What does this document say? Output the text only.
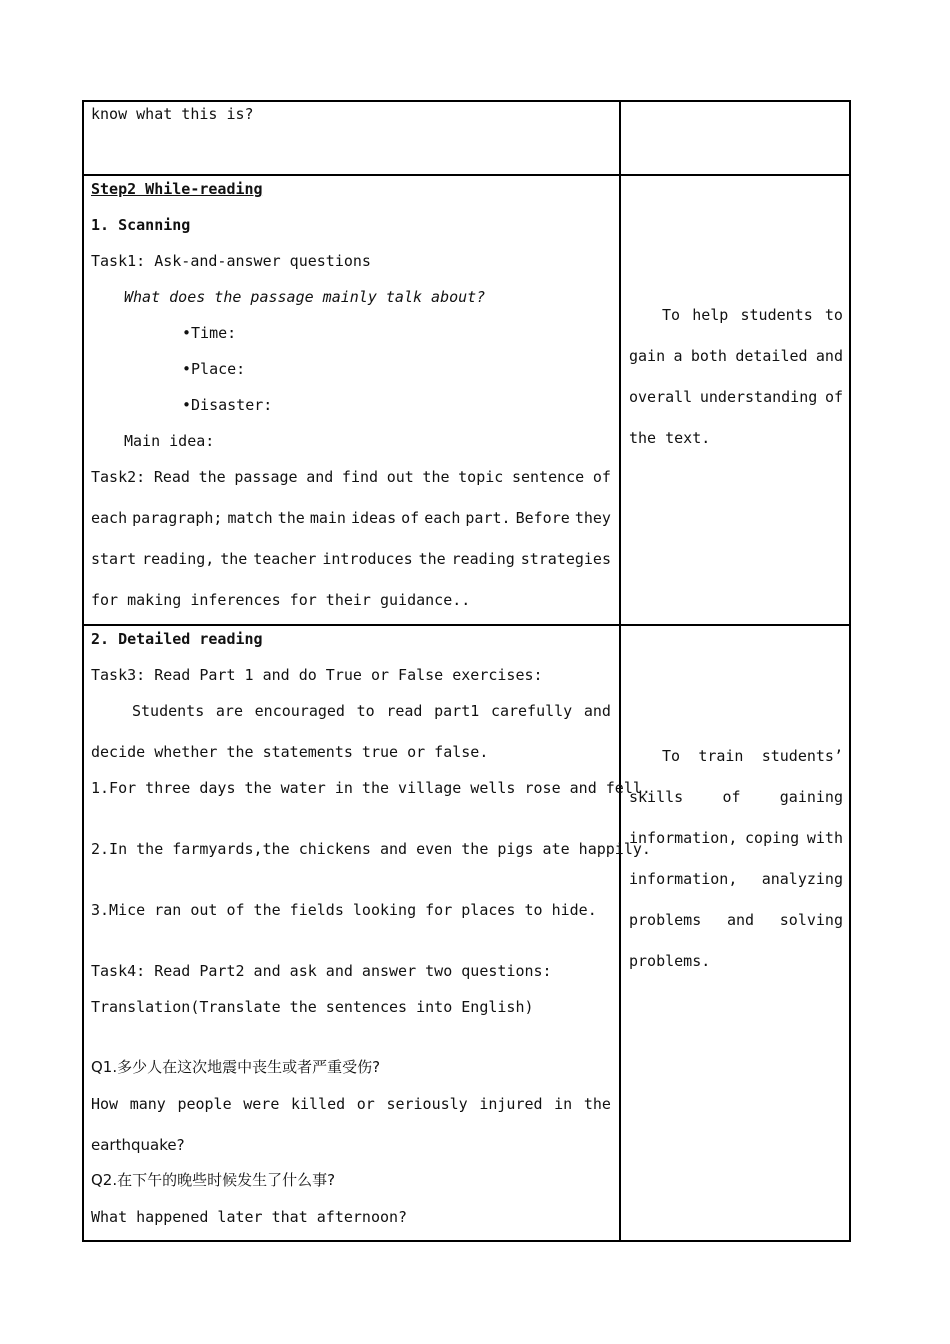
know what this is?
Step2 While-reading
1. Scanning
Task1: Ask-and-answer questions
What does the passage mainly talk about?
•Time:
•Place:
•Disaster:
Main idea:
Task2: Read the passage and find out the topic sentence of
each paragraph; match the main ideas of each part. Before they
start reading, the teacher introduces the reading strategies
for making inferences for their guidance..
To help students to
gain a both detailed and
overall understanding of
the text.
2. Detailed reading
Task3: Read Part 1 and do True or False exercises:
Students are encouraged to read part1 carefully and
decide whether the statements true or false.
1.For three days the water in the village wells rose and fell.
2.In the farmyards,the chickens and even the pigs ate happily.
3.Mice ran out of the fields looking for places to hide.
Task4: Read Part2 and ask and answer two questions:
Translation(Translate the sentences into English)
Q1.多少人在这次地震中丧生或者严重受伤?
How many people were killed or seriously injured in the
earthquake?
Q2.在下午的晚些时候发生了什么事?
What happened later that afternoon?
To train students’
skills	of	gaining
information, coping with
information, analyzing
problems and solving
problems.
